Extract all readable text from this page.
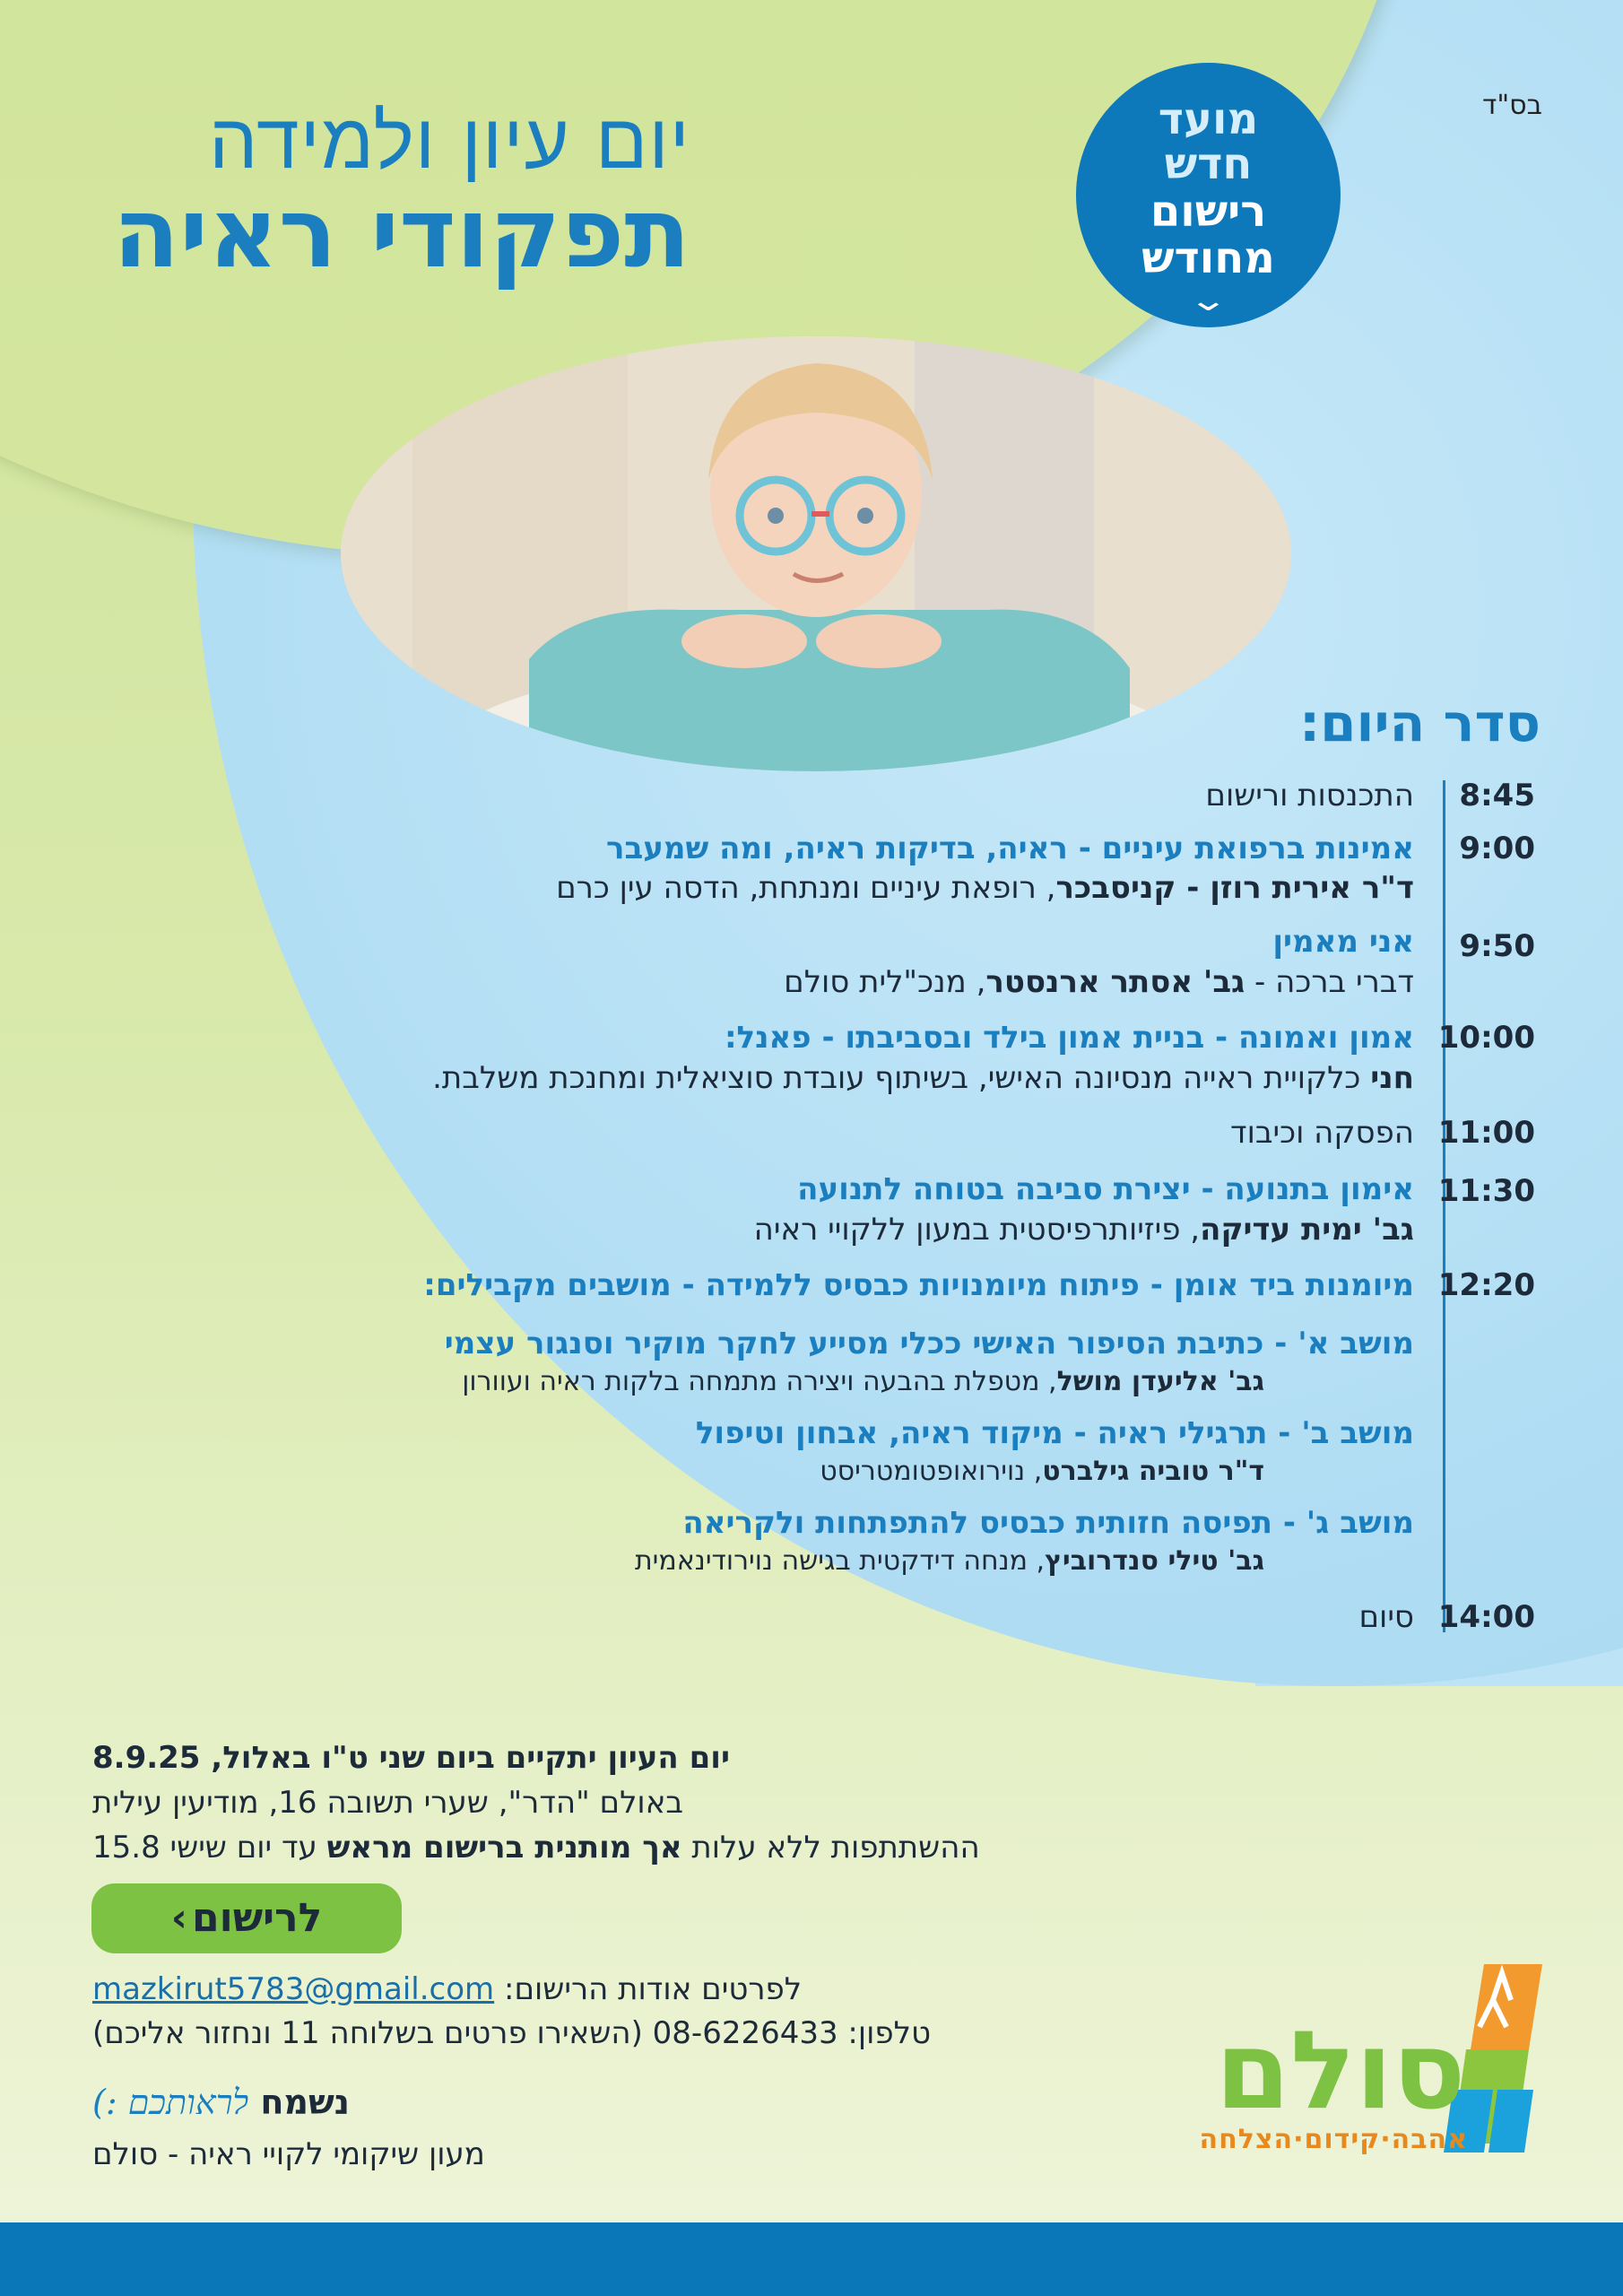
בס"ד
יום עיון ולמידה
תפקודי ראיה
מועד
חדש
רישום
מחודש
⌄
סדר היום:
8:45
התכנסות ורישום
9:00
אמינות ברפואת עיניים - ראיה, בדיקות ראיה, ומה שמעבר
ד"ר אירית רוזן - קניסבכר, רופאת עיניים ומנתחת, הדסה עין כרם
9:50
אני מאמין
דברי ברכה - גב' אסתר ארנסטר, מנכ"לית סולם
10:00
אמון ואמונה - בניית אמון בילד ובסביבתו - פאנל:
חני כלקויית ראייה מנסיונה האישי, בשיתוף עובדת סוציאלית ומחנכת משלבת.
11:00
הפסקה וכיבוד
11:30
אימון בתנועה - יצירת סביבה בטוחה לתנועה
גב' ימית עדיקה, פיזיותרפיסטית במעון ללקויי ראיה
12:20
מיומנות ביד אומן - פיתוח מיומנויות כבסיס ללמידה - מושבים מקבילים:
מושב א' - כתיבת הסיפור האישי ככלי מסייע לחקר מוקיר וסנגור עצמי
גב' אליעדן מושל, מטפלת בהבעה ויצירה מתמחה בלקות ראיה ועוורון
מושב ב' - תרגילי ראיה - מיקוד ראיה, אבחון וטיפול
ד"ר טוביה גילברט, נוירואופטומטריסט
מושב ג' - תפיסה חזותית כבסיס להתפתחות ולקריאה
גב' טילי סנדרוביץ, מנחה דידקטית בגישה נוירודינאמית
14:00
סיום
יום העיון יתקיים ביום שני ט"ו באלול, 8.9.25
באולם "הדר", שערי תשובה 16, מודיעין עילית
ההשתתפות ללא עלות אך מותנית ברישום מראש עד יום שישי 15.8
לרישום ›
לפרטים אודות הרישום: mazkirut5783@gmail.com
טלפון: 08-6226433 (השאירו פרטים בשלוחה 11 ונחזור אליכם)
נשמח לראותכם :)
מעון שיקומי לקויי ראיה - סולם
סולם
אהבה·קידום·הצלחה
